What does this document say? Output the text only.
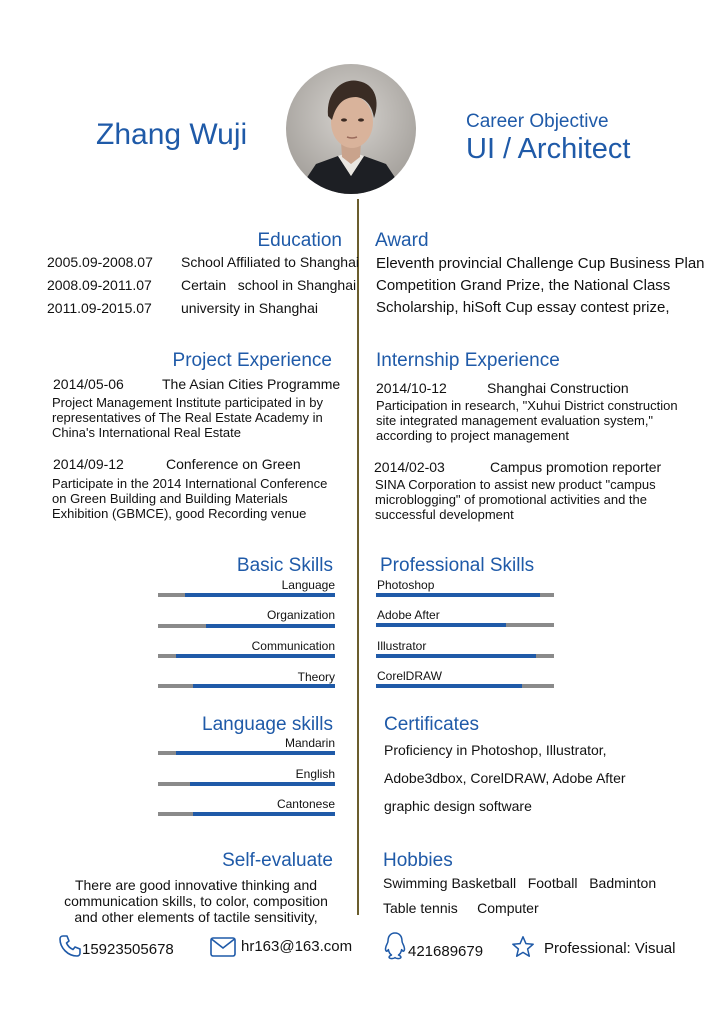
Zhang Wuji	Career Objective
UI / Architect
Education
2005.09-2008.07 School Affiliated to Shanghai
2008.09-2011.07 Certain   school in Shanghai
2011.09-2015.07 university in Shanghai
Award
Eleventh provincial Challenge Cup Business Plan
Competition Grand Prize, the National Class
Scholarship, hiSoft Cup essay contest prize,
Project Experience
2014/05-06	The Asian Cities Programme
Project Management Institute participated in by
representatives of The Real Estate Academy in
China's International Real Estate
2014/09-12	Conference on Green
Participate in the 2014 International Conference
on Green Building and Building Materials
Exhibition (GBMCE), good Recording venue
Internship Experience
2014/10-12	Shanghai Construction
Participation in research, "Xuhui District construction
site integrated management evaluation system,"
according to project management
2014/02-03	Campus promotion reporter
SINA Corporation to assist new product "campus
microblogging" of promotional activities and the
successful development
Basic Skills
Language
Organization
Communication
Theory
Professional Skills
Photoshop
Adobe After
Illustrator
CorelDRAW
Language skills
Mandarin
English
Cantonese
Certificates
Proficiency in Photoshop, Illustrator,
Adobe3dbox, CorelDRAW, Adobe After
graphic design software
Self-evaluate
There are good innovative thinking and
communication skills, to color, composition
and other elements of tactile sensitivity,
Hobbies
Swimming Basketball   Football   Badminton
Table tennis     Computer
15923505678	hr163@163.com	421689679	Professional: Visual
